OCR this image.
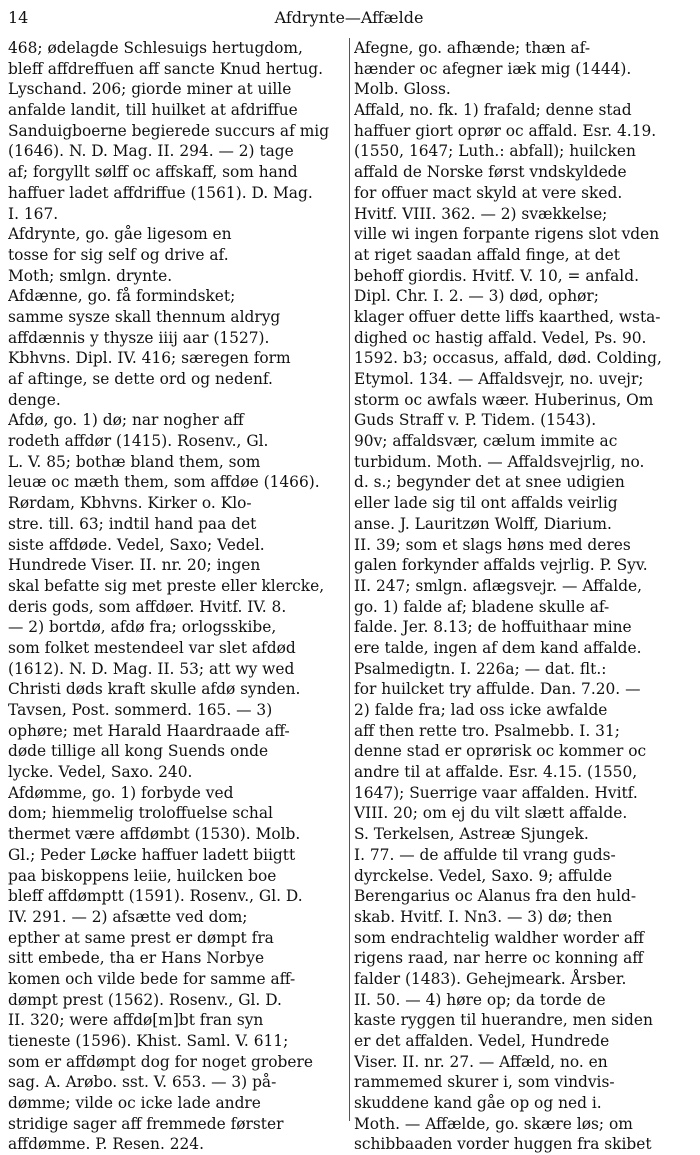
14	Afdrynte—Affælde
468; ødelagde Schlesuigs hertugdom,
bleff affdreffuen aff sancte Knud hertug.
Lyschand. 206; giorde miner at uille
anfalde landit, till huilket at afdriffue
Sanduigboerne begierede succurs af mig
(1646). N. D. Mag. II. 294. — 2) tage
af; forgyllt sølff oc affskaff, som hand
haffuer ladet affdriffue (1561). D. Mag.
I. 167.
Afdrynte, go. gåe ligesom en
tosse for sig self og drive af.
Moth; smlgn. drynte.
Afdænne, go. få formindsket;
samme sysze skall thennum aldryg
affdænnis y thysze iiij aar (1527).
Kbhvns. Dipl. IV. 416; særegen form
af aftinge, se dette ord og nedenf.
denge.
Afdø, go. 1) dø; nar nogher aff
rodeth affdør (1415). Rosenv., Gl.
L. V. 85; bothæ bland them, som
leuæ oc mæth them, som affdøe (1466).
Rørdam, Kbhvns. Kirker o. Klo-
stre. till. 63; indtil hand paa det
siste affdøde. Vedel, Saxo; Vedel.
Hundrede Viser. II. nr. 20; ingen
skal befatte sig met preste eller klercke,
deris gods, som affdøer. Hvitf. IV. 8.
— 2) bortdø, afdø fra; orlogsskibe,
som folket mestendeel var slet afdød
(1612). N. D. Mag. II. 53; att wy wed
Christi døds kraft skulle afdø synden.
Tavsen, Post. sommerd. 165. — 3)
ophøre; met Harald Haardraade aff-
døde tillige all kong Suends onde
lycke. Vedel, Saxo. 240.
Afdømme, go. 1) forbyde ved
dom; hiemmelig troloffuelse schal
thermet være affdømbt (1530). Molb.
Gl.; Peder Løcke haffuer ladett biigtt
paa biskoppens leiie, huilcken boe
bleff affdømptt (1591). Rosenv., Gl. D.
IV. 291. — 2) afsætte ved dom;
epther at same prest er dømpt fra
sitt embede, tha er Hans Norbye
komen och vilde bede for samme aff-
dømpt prest (1562). Rosenv., Gl. D.
II. 320; were affdø[m]bt fran syn
tieneste (1596). Khist. Saml. V. 611;
som er affdømpt dog for noget grobere
sag. A. Arøbo. sst. V. 653. — 3) på-
dømme; vilde oc icke lade andre
stridige sager aff fremmede førster
affdømme. P. Resen. 224.
Afegne, go. afhænde; thæn af-
hænder oc afegner iæk mig (1444).
Molb. Gloss.
Affald, no. fk. 1) frafald; denne stad
haffuer giort oprør oc affald. Esr. 4.19.
(1550, 1647; Luth.: abfall); huilcken
affald de Norske først vndskyldede
for offuer mact skyld at vere sked.
Hvitf. VIII. 362. — 2) svækkelse;
ville wi ingen forpante rigens slot vden
at riget saadan affald finge, at det
behoff giordis. Hvitf. V. 10, = anfald.
Dipl. Chr. I. 2. — 3) død, ophør;
klager offuer dette liffs kaarthed, wsta-
dighed oc hastig affald. Vedel, Ps. 90.
1592. b3; occasus, affald, død. Colding,
Etymol. 134. — Affaldsvejr, no. uvejr;
storm oc awfals wæer. Huberinus, Om
Guds Straff v. P. Tidem. (1543).
90v; affaldsvær, cælum immite ac
turbidum. Moth. — Affaldsvejrlig, no.
d. s.; begynder det at snee udigien
eller lade sig til ont affalds veirlig
anse. J. Lauritzøn Wolff, Diarium.
II. 39; som et slags høns med deres
galen forkynder affalds vejrlig. P. Syv.
II. 247; smlgn. aflægsvejr. — Affalde,
go. 1) falde af; bladene skulle af-
falde. Jer. 8.13; de hoffuithaar mine
ere talde, ingen af dem kand affalde.
Psalmedigtn. I. 226a; — dat. flt.:
for huilcket try affulde. Dan. 7.20. —
2) falde fra; lad oss icke awfalde
aff then rette tro. Psalmebb. I. 31;
denne stad er oprørisk oc kommer oc
andre til at affalde. Esr. 4.15. (1550,
1647); Suerrige vaar affalden. Hvitf.
VIII. 20; om ej du vilt slætt affalde.
S. Terkelsen, Astreæ Sjungek.
I. 77. — de affulde til vrang guds-
dyrckelse. Vedel, Saxo. 9; affulde
Berengarius oc Alanus fra den huld-
skab. Hvitf. I. Nn3. — 3) dø; then
som endrachtelig waldher worder aff
rigens raad, nar herre oc konning aff
falder (1483). Gehejmeark. Årsber.
II. 50. — 4) høre op; da torde de
kaste ryggen til huerandre, men siden
er det affalden. Vedel, Hundrede
Viser. II. nr. 27. — Affæld, no. en
rammemed skurer i, som vindvis-
skuddene kand gåe op og ned i.
Moth. — Affælde, go. skære løs; om
schibbaaden vorder huggen fra skibet
